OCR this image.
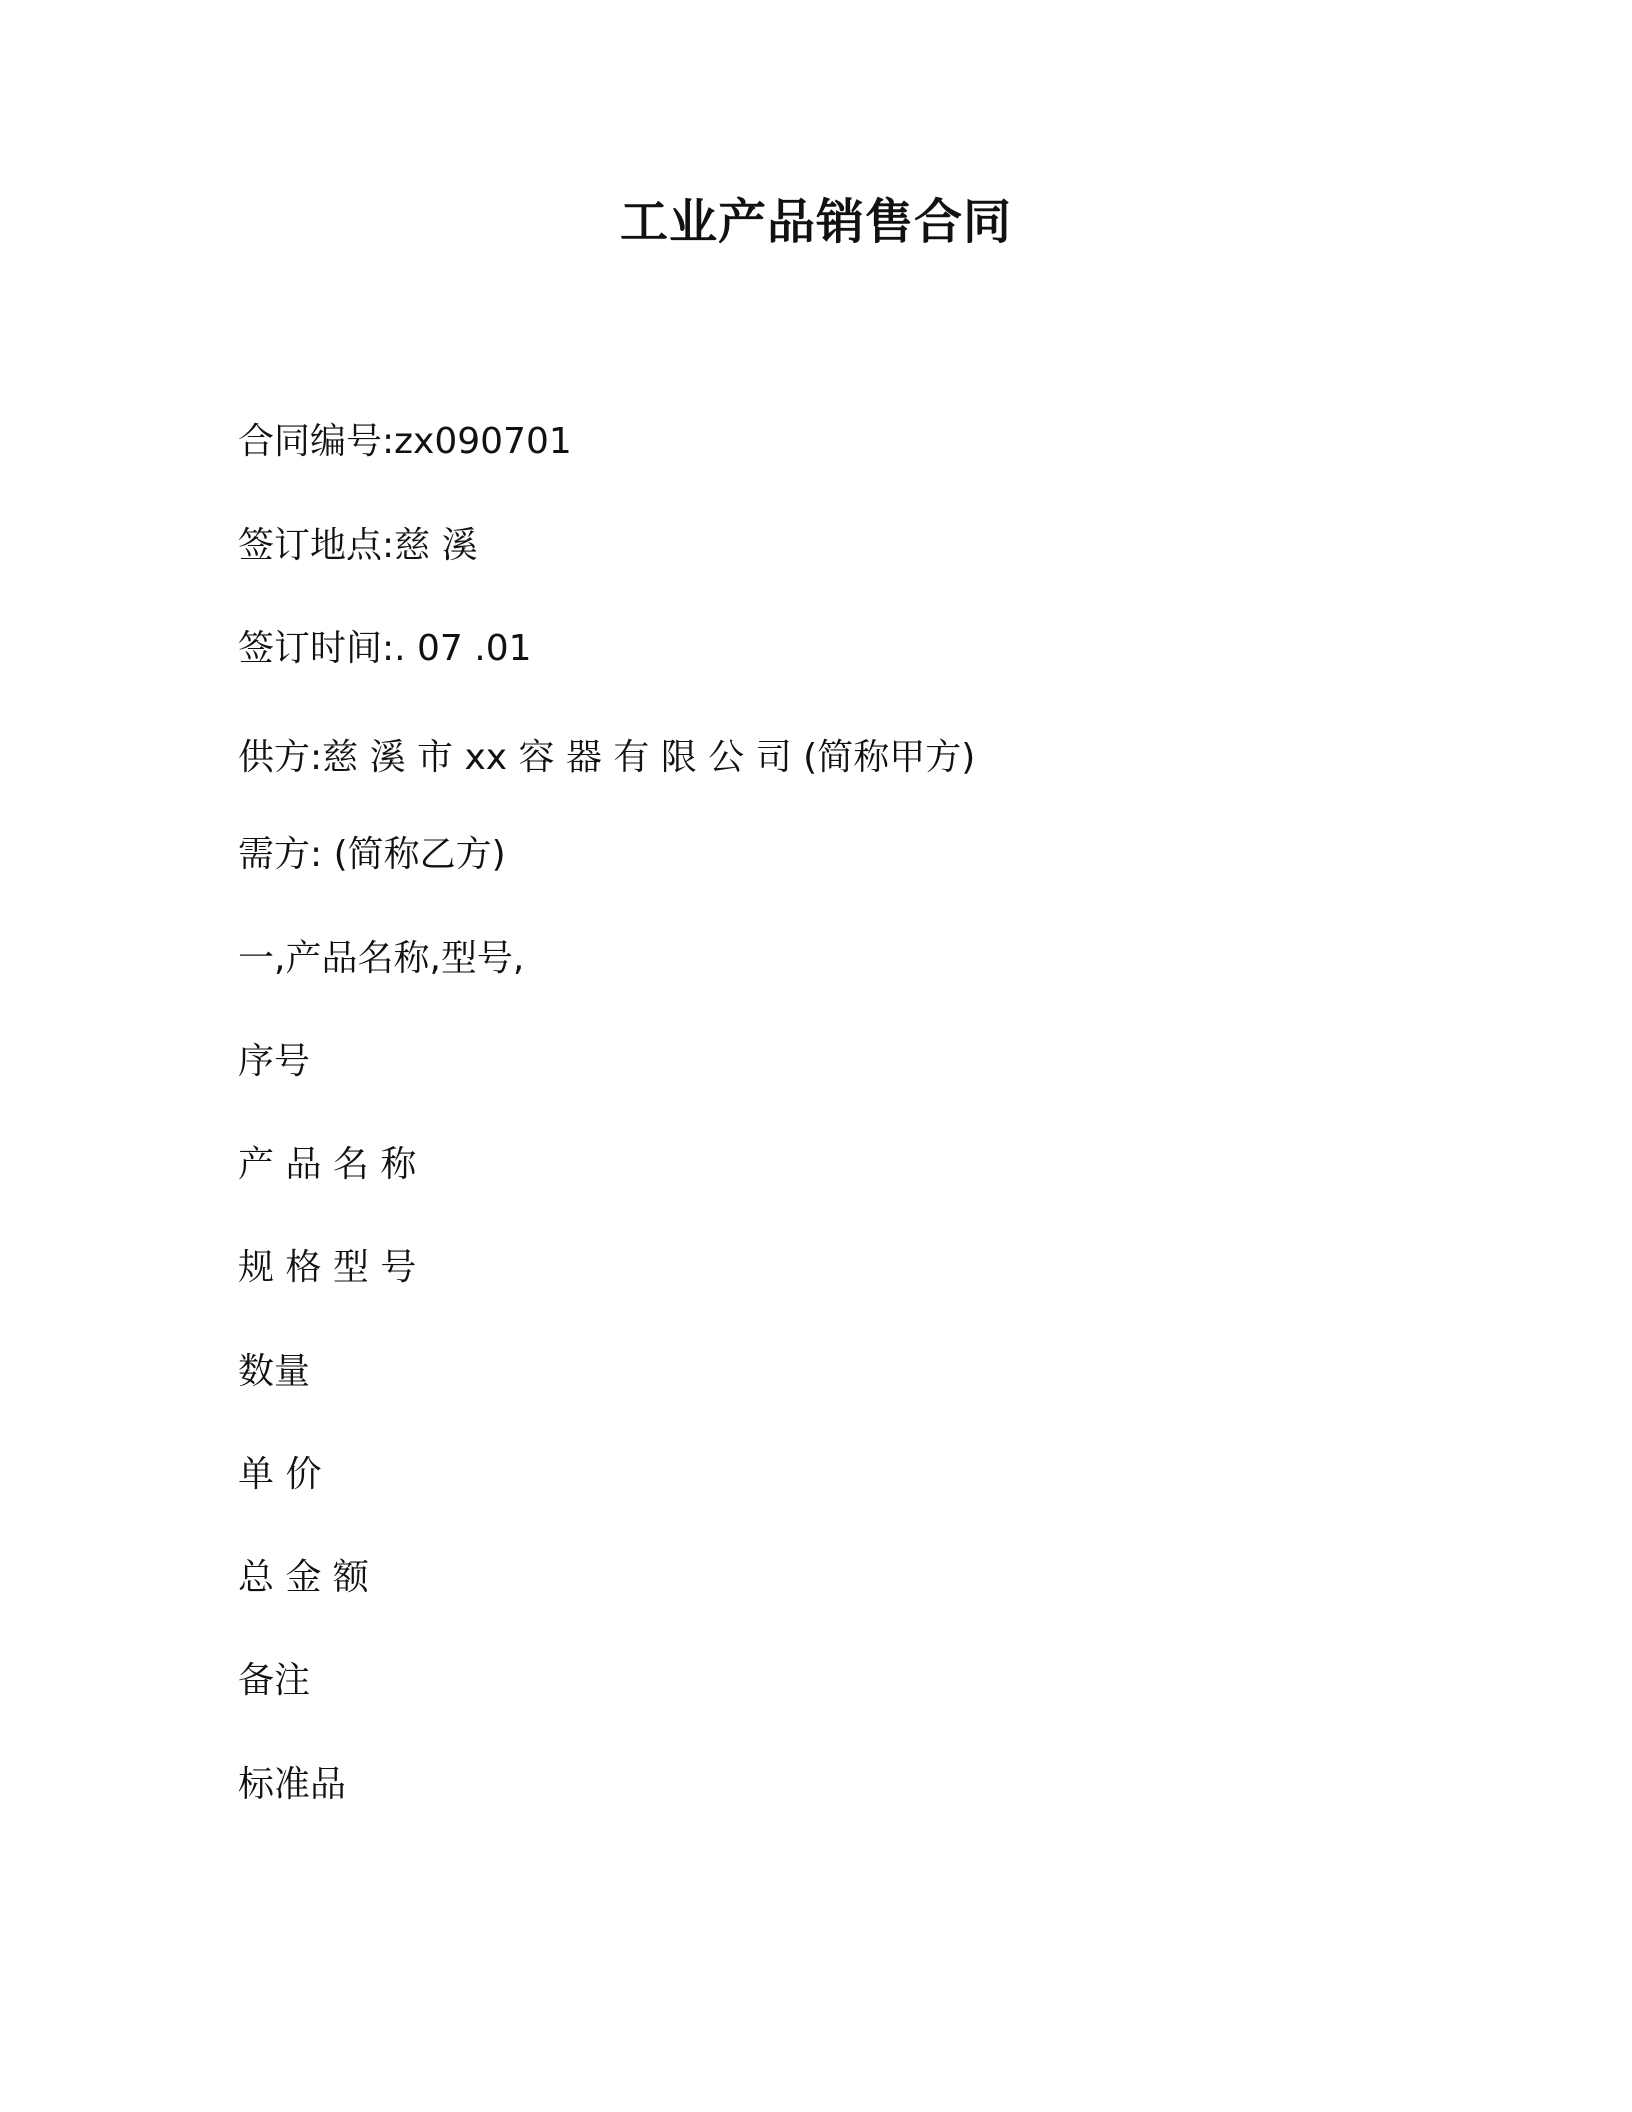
工业产品销售合同

合同编号:zx090701

签订地点:慈 溪

签订时间:. 07 .01

供方:慈 溪 市 xx 容 器 有 限 公 司 (简称甲方)

需方: (简称乙方)

一,产品名称,型号,

序号

产 品 名 称

规 格 型 号

数量

单 价

总 金 额

备注

标准品
